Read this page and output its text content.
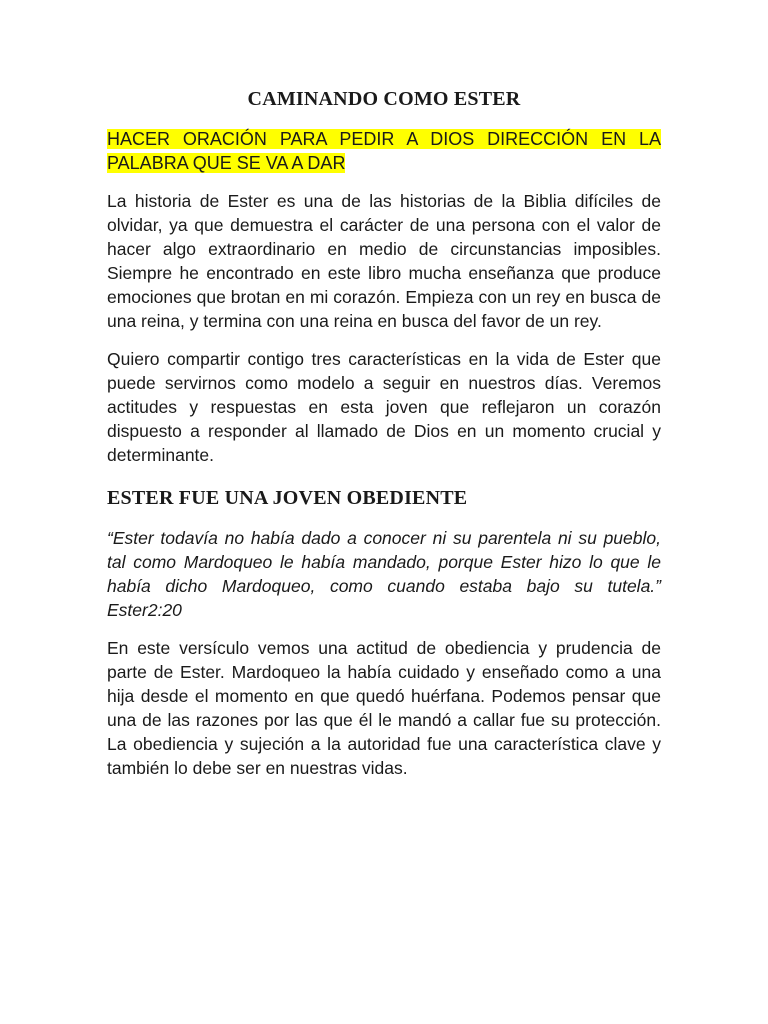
CAMINANDO COMO ESTER

HACER ORACIÓN PARA PEDIR A DIOS DIRECCIÓN EN LA PALABRA QUE SE VA A DAR

La historia de Ester es una de las historias de la Biblia difíciles de olvidar, ya que demuestra el carácter de una persona con el valor de hacer algo extraordinario en medio de circunstancias imposibles. Siempre he encontrado en este libro mucha enseñanza que produce emociones que brotan en mi corazón. Empieza con un rey en busca de una reina, y termina con una reina en busca del favor de un rey.

Quiero compartir contigo tres características en la vida de Ester que puede servirnos como modelo a seguir en nuestros días. Veremos actitudes y respuestas en esta joven que reflejaron un corazón dispuesto a responder al llamado de Dios en un momento crucial y determinante.

ESTER FUE UNA JOVEN OBEDIENTE

“Ester todavía no había dado a conocer ni su parentela ni su pueblo, tal como Mardoqueo le había mandado, porque Ester hizo lo que le había dicho Mardoqueo, como cuando estaba bajo su tutela.” Ester2:20

En este versículo vemos una actitud de obediencia y prudencia de parte de Ester. Mardoqueo la había cuidado y enseñado como a una hija desde el momento en que quedó huérfana. Podemos pensar que una de las razones por las que él le mandó a callar fue su protección. La obediencia y sujeción a la autoridad fue una característica clave y también lo debe ser en nuestras vidas.
